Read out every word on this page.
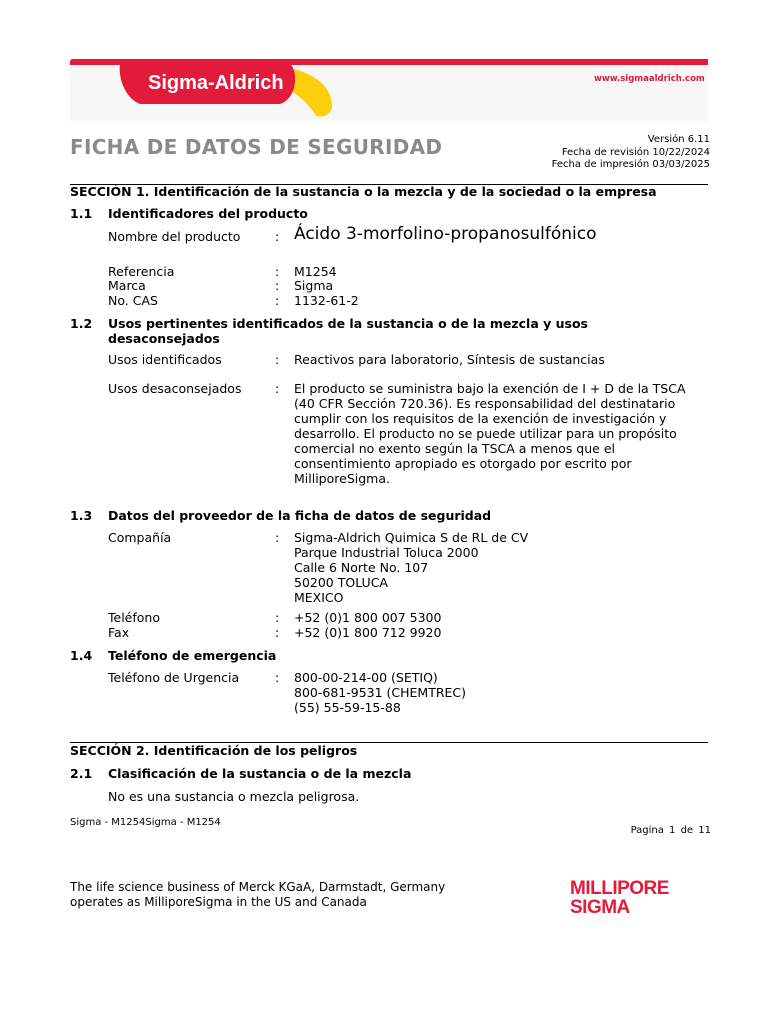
Sigma-Aldrich	www.sigmaaldrich.com
FICHA DE DATOS DE SEGURIDAD	Versión 6.11
Fecha de revisión 10/22/2024
Fecha de impresión 03/03/2025
SECCIÓN 1. Identificación de la sustancia o la mezcla y de la sociedad o la empresa
1.1 Identificadores del producto
Nombre del producto	: Ácido 3-morfolino-propanosulfónico
Referencia	: M1254
Marca	: Sigma
No. CAS	: 1132-61-2
1.2 Usos pertinentes identificados de la sustancia o de la mezcla y usos desaconsejados
Usos identificados	: Reactivos para laboratorio, Síntesis de sustancias
Usos desaconsejados	: El producto se suministra bajo la exención de I + D de la TSCA
(40 CFR Sección 720.36). Es responsabilidad del destinatario
cumplir con los requisitos de la exención de investigación y
desarrollo. El producto no se puede utilizar para un propósito
comercial no exento según la TSCA a menos que el
consentimiento apropiado es otorgado por escrito por
MilliporeSigma.
1.3 Datos del proveedor de la ficha de datos de seguridad
Compañía	: Sigma-Aldrich Quimica S de RL de CV
Parque Industrial Toluca 2000
Calle 6 Norte No. 107
50200 TOLUCA
MEXICO
Teléfono	: +52 (0)1 800 007 5300
Fax	: +52 (0)1 800 712 9920
1.4 Teléfono de emergencia
Teléfono de Urgencia	: 800-00-214-00 (SETIQ)
800-681-9531 (CHEMTREC)
(55) 55-59-15-88
SECCIÓN 2. Identificación de los peligros
2.1 Clasificación de la sustancia o de la mezcla
No es una sustancia o mezcla peligrosa.
Sigma - M1254Sigma - M1254
Pagina 1 de 11
The life science business of Merck KGaA, Darmstadt, Germany
operates as MilliporeSigma in the US and Canada
MILLIPORE
SIGMA
